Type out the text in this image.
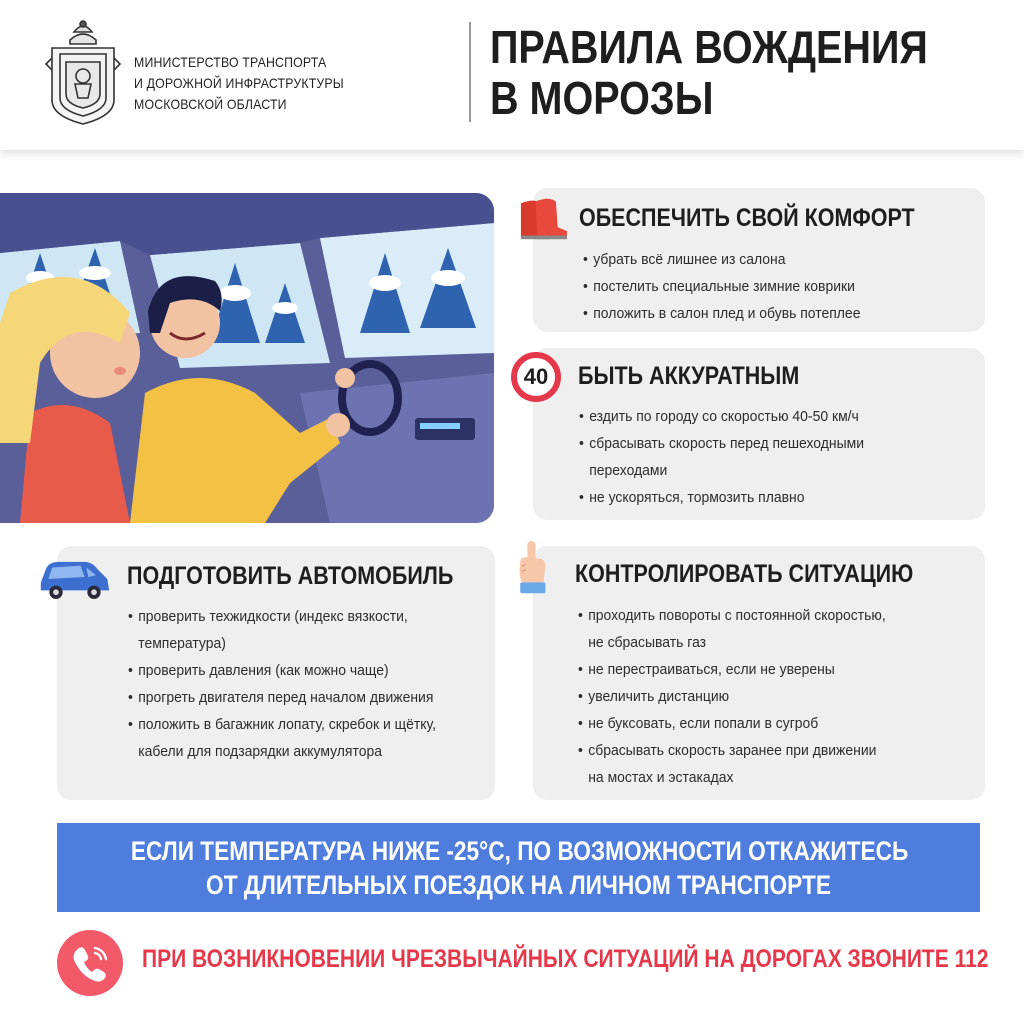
МИНИСТЕРСТВО ТРАНСПОРТА
И ДОРОЖНОЙ ИНФРАСТРУКТУРЫ
МОСКОВСКОЙ ОБЛАСТИ
ПРАВИЛА ВОЖДЕНИЯ
В МОРОЗЫ
ОБЕСПЕЧИТЬ СВОЙ КОМФОРТ
• убрать всё лишнее из салона
• постелить специальные зимние коврики
• положить в салон плед и обувь потеплее
40	БЫТЬ АККУРАТНЫМ
• ездить по городу со скоростью 40-50 км/ч
• сбрасывать скорость перед пешеходными
переходами
• не ускоряться, тормозить плавно
ПОДГОТОВИТЬ АВТОМОБИЛЬ
• проверить техжидкости (индекс вязкости,
температура)
• проверить давления (как можно чаще)
• прогреть двигателя перед началом движения
• положить в багажник лопату, скребок и щётку,
кабели для подзарядки аккумулятора
КОНТРОЛИРОВАТЬ СИТУАЦИЮ
• проходить повороты с постоянной скоростью,
не сбрасывать газ
• не перестраиваться, если не уверены
• увеличить дистанцию
• не буксовать, если попали в сугроб
• сбрасывать скорость заранее при движении
на мостах и эстакадах
ЕСЛИ ТЕМПЕРАТУРА НИЖЕ -25°С, ПО ВОЗМОЖНОСТИ ОТКАЖИТЕСЬ
ОТ ДЛИТЕЛЬНЫХ ПОЕЗДОК НА ЛИЧНОМ ТРАНСПОРТЕ
ПРИ ВОЗНИКНОВЕНИИ ЧРЕЗВЫЧАЙНЫХ СИТУАЦИЙ НА ДОРОГАХ ЗВОНИТЕ 112
